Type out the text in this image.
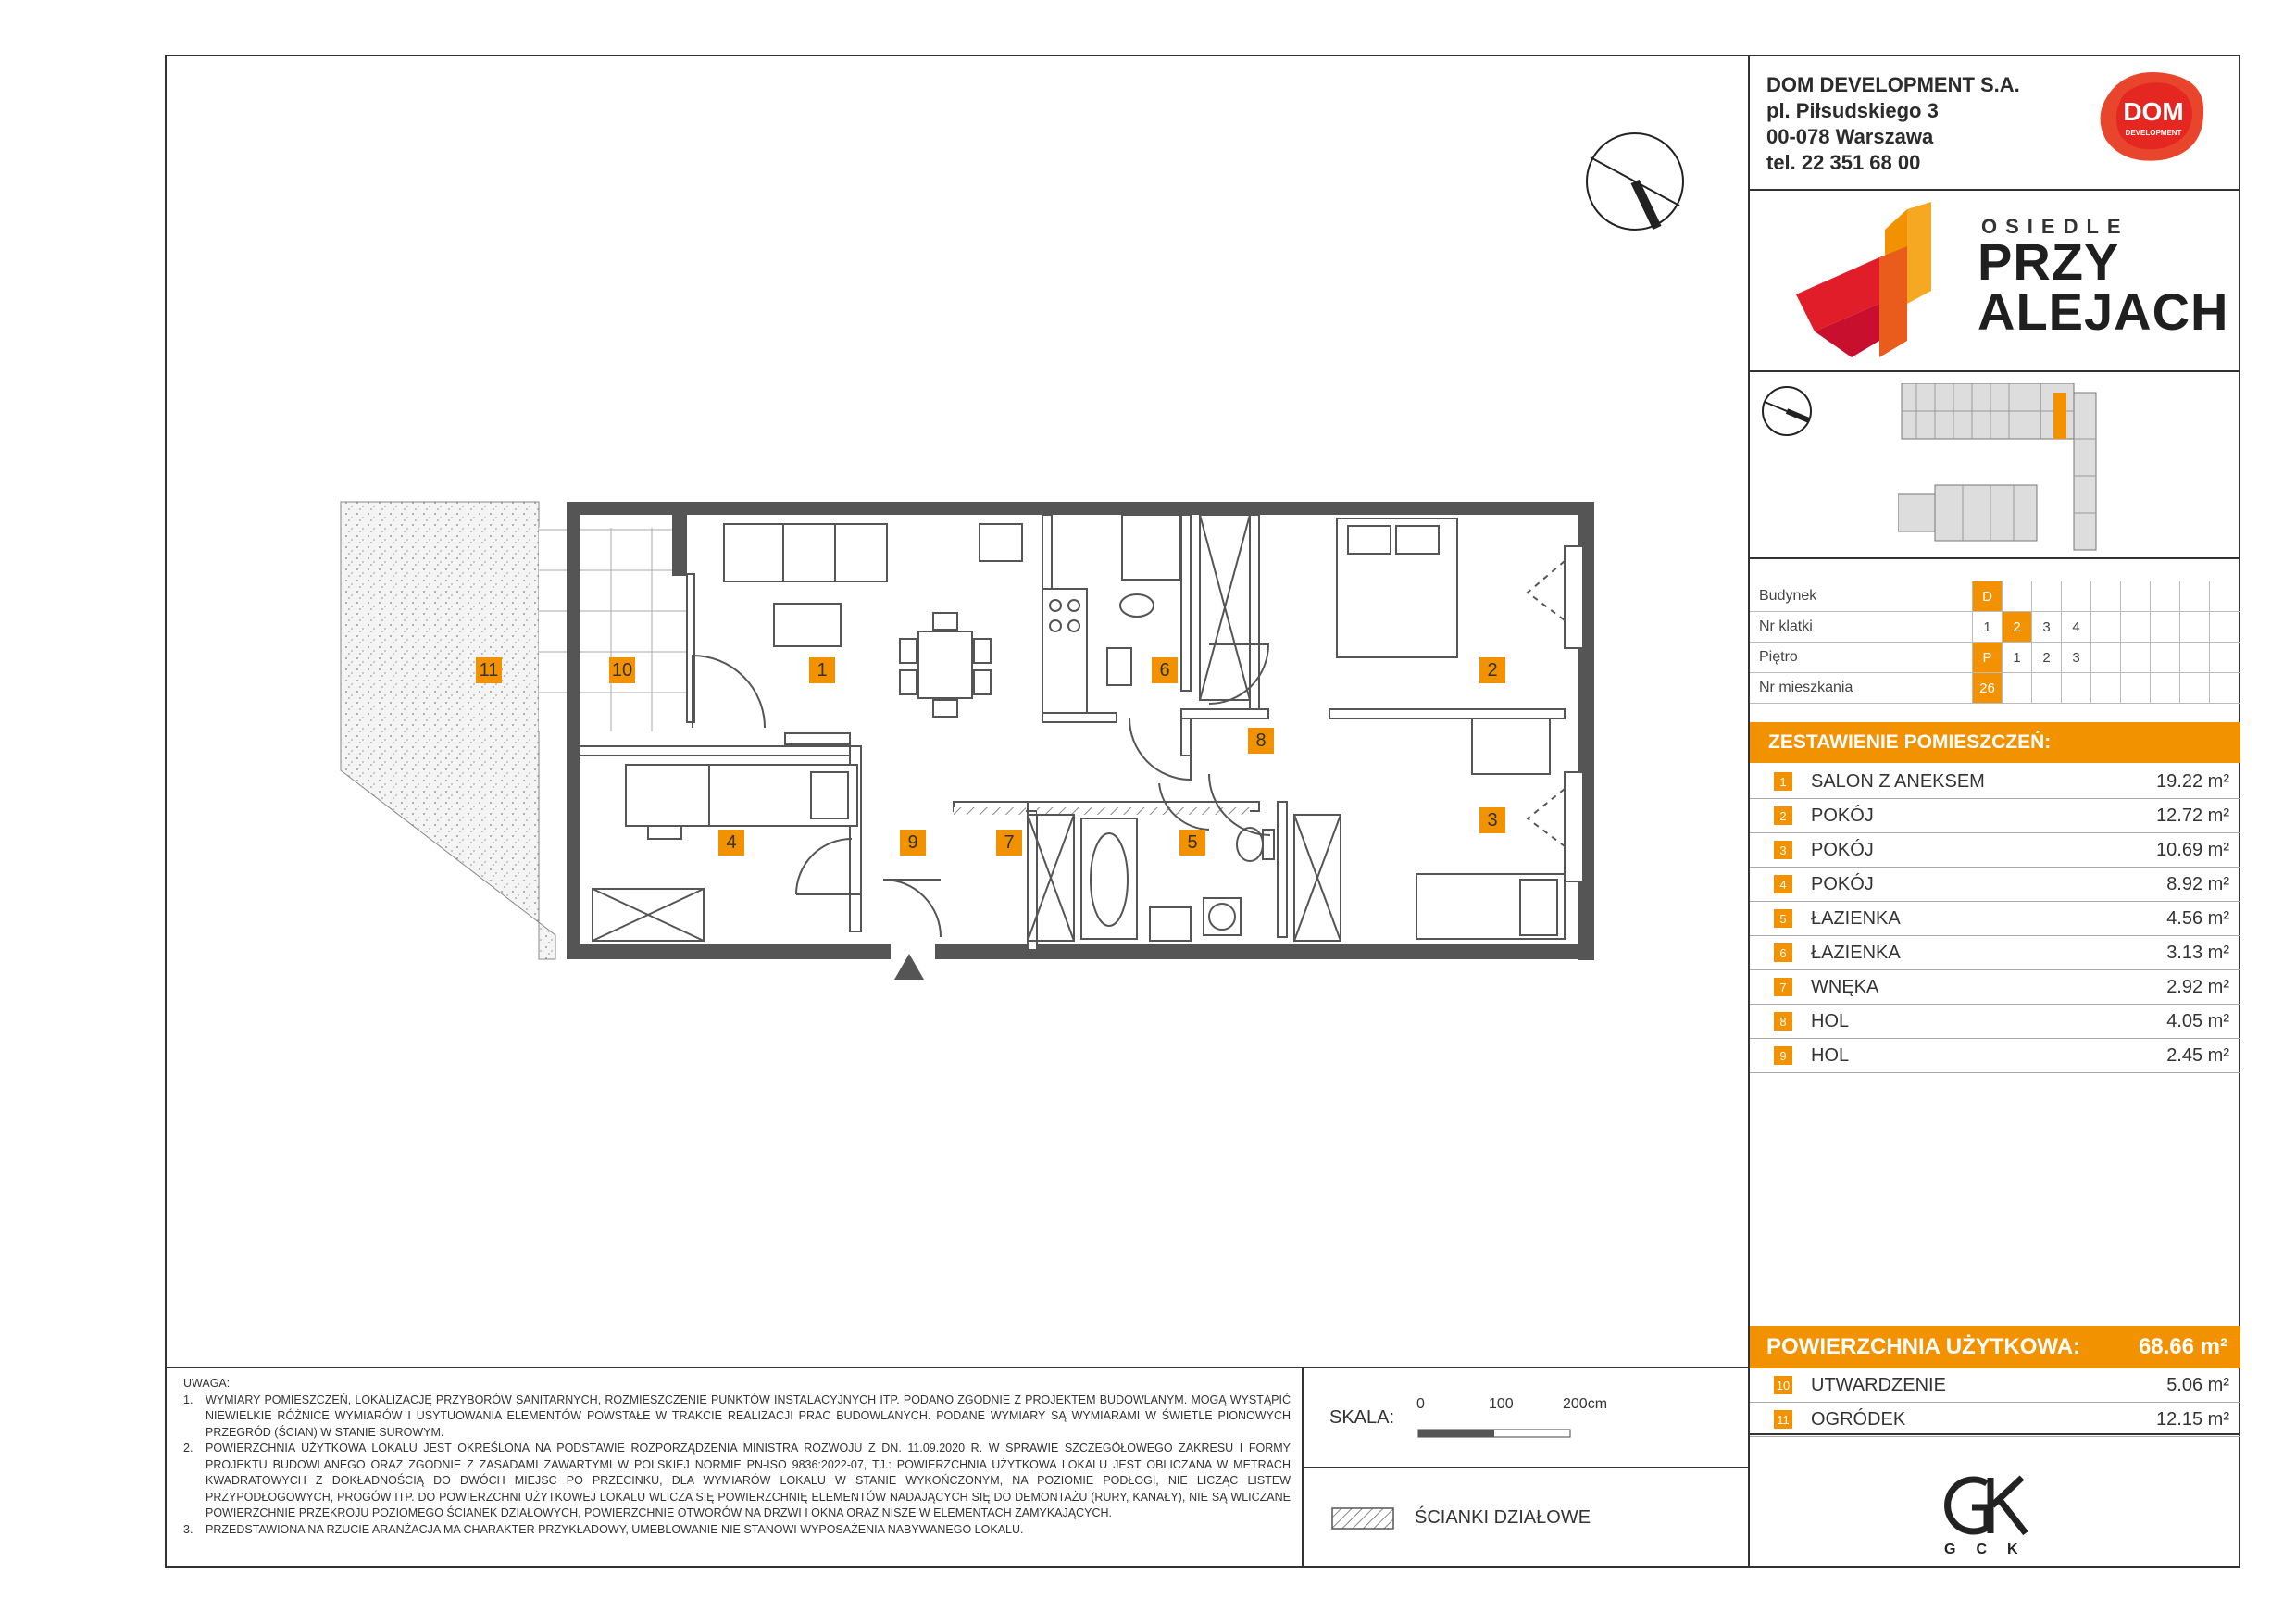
DOM DEVELOPMENT S.A.
pl. Piłsudskiego 3
00-078 Warszawa
tel. 22 351 68 00
DOM
DEVELOPMENT
OSIEDLE
PRZY
ALEJACH
Budynek	D
Nr klatki	1	2	3	4
Piętro	P	1	2	3
Nr mieszkania	26
ZESTAWIENIE POMIESZCZEŃ:
1	SALON Z ANEKSEM	19.22 m²
2	POKÓJ	12.72 m²
3	POKÓJ	10.69 m²
4	POKÓJ	8.92 m²
5	ŁAZIENKA	4.56 m²
6	ŁAZIENKA	3.13 m²
7	WNĘKA	2.92 m²
8	HOL	4.05 m²
9	HOL	2.45 m²
POWIERZCHNIA UŻYTKOWA:	68.66 m²
10 UTWARDZENIE	5.06 m²
11 OGRÓDEK	12.15 m²
1	2
3
4	5
6
7
8
9
10
11
UWAGA:
1.	WYMIARY POMIESZCZEŃ, LOKALIZACJĘ PRZYBORÓW SANITARNYCH, ROZMIESZCZENIE PUNKTÓW INSTALACYJNYCH ITP. PODANO ZGODNIE Z PROJEKTEM BUDOWLANYM. MOGĄ WYSTĄPIĆ NIEWIELKIE RÓŻNICE WYMIARÓW I USYTUOWANIA ELEMENTÓW POWSTAŁE W TRAKCIE REALIZACJI PRAC BUDOWLANYCH. PODANE WYMIARY SĄ WYMIARAMI W ŚWIETLE PIONOWYCH PRZEGRÓD (ŚCIAN) W STANIE SUROWYM.
2.	POWIERZCHNIA UŻYTKOWA LOKALU JEST OKREŚLONA NA PODSTAWIE ROZPORZĄDZENIA MINISTRA ROZWOJU Z DN. 11.09.2020 R. W SPRAWIE SZCZEGÓŁOWEGO ZAKRESU I FORMY PROJEKTU BUDOWLANEGO ORAZ ZGODNIE Z ZASADAMI ZAWARTYMI W POLSKIEJ NORMIE PN-ISO 9836:2022-07, TJ.: POWIERZCHNIA UŻYTKOWA LOKALU JEST OBLICZANA W METRACH KWADRATOWYCH Z DOKŁADNOŚCIĄ DO DWÓCH MIEJSC PO PRZECINKU, DLA WYMIARÓW LOKALU W STANIE WYKOŃCZONYM, NA POZIOMIE PODŁOGI, NIE LICZĄC LISTEW PRZYPODŁOGOWYCH, PROGÓW ITP. DO POWIERZCHNI UŻYTKOWEJ LOKALU WLICZA SIĘ POWIERZCHNIĘ ELEMENTÓW NADAJĄCYCH SIĘ DO DEMONTAŻU (RURY, KANAŁY), NIE SĄ WLICZANE POWIERZCHNIE PRZEKROJU POZIOMEGO ŚCIANEK DZIAŁOWYCH, POWIERZCHNIE OTWORÓW NA DRZWI I OKNA ORAZ NISZE W ELEMENTACH ZAMYKAJĄCYCH.
3.	PRZEDSTAWIONA NA RZUCIE ARANŻACJA MA CHARAKTER PRZYKŁADOWY, UMEBLOWANIE NIE STANOWI WYPOSAŻENIA NABYWANEGO LOKALU.
SKALA:
0	100	200cm
ŚCIANKI DZIAŁOWE
GCK
